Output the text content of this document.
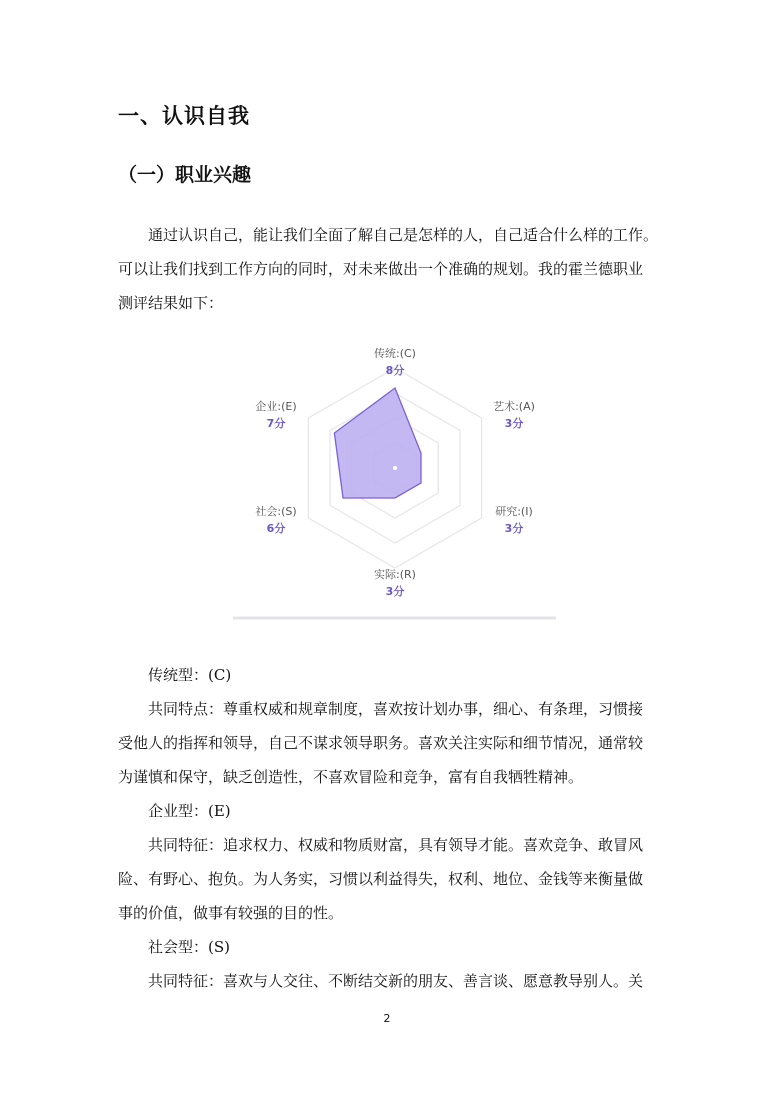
一、认识自我
（一）职业兴趣
通过认识自己，能让我们全面了解自己是怎样的人，自己适合什么样的工作。
可以让我们找到工作方向的同时，对未来做出一个准确的规划。我的霍兰德职业
测评结果如下：
传统:(C)
8分
艺术:(A)
3分
研究:(I)
3分
实际:(R)
3分
社会:(S)
6分
企业:(E)
7分
传统型：(C)
共同特点：尊重权威和规章制度，喜欢按计划办事，细心、有条理，习惯接
受他人的指挥和领导，自己不谋求领导职务。喜欢关注实际和细节情况，通常较
为谨慎和保守，缺乏创造性，不喜欢冒险和竞争，富有自我牺牲精神。
企业型：(E)
共同特征：追求权力、权威和物质财富，具有领导才能。喜欢竞争、敢冒风
险、有野心、抱负。为人务实，习惯以利益得失，权利、地位、金钱等来衡量做
事的价值，做事有较强的目的性。
社会型：(S)
共同特征：喜欢与人交往、不断结交新的朋友、善言谈、愿意教导别人。关
2
